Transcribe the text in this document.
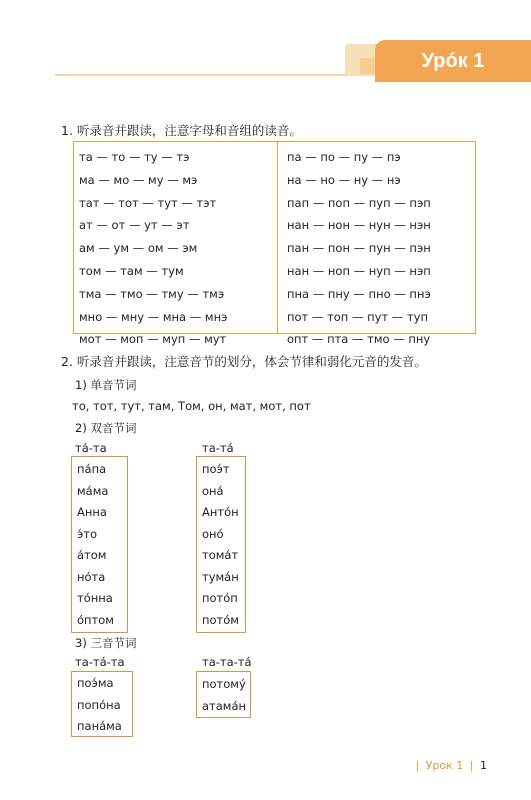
Урóк 1
1. 听录音并跟读，注意字母和音组的读音。
та — то — ту — тэ
ма — мо — му — мэ
тат — тот — тут — тэт
ат — от — ут — эт
ам — ум — ом — эм
том — там — тум
тма — тмо — тму — тмэ
мно — мну — мна — мнэ
мот — моп — муп — мут
па — по — пу — пэ
на — но — ну — нэ
пап — поп — пуп — пэп
нан — нон — нун — нэн
пан — пон — пун — пэн
нан — ноп — нуп — нэп
пна — пну — пно — пнэ
пот — топ — пут — туп
опт — пта — тмо — пну
2. 听录音并跟读，注意音节的划分，体会节律和弱化元音的发音。
1) 单音节词
то, тот, тут, там, Том, он, мат, мот, пот
2) 双音节词
та́-та	та-та́
па́па
ма́ма
Анна
э́то
а́том
но́та
то́нна
о́птом
поэ́т
она́
Анто́н
оно́
тома́т
тума́н
пото́п
пото́м
3) 三音节词
та-та́-та	та-та-та́
поэ́ма
попо́на
пана́ма
потому́
атама́н
| Урок 1 | 1
